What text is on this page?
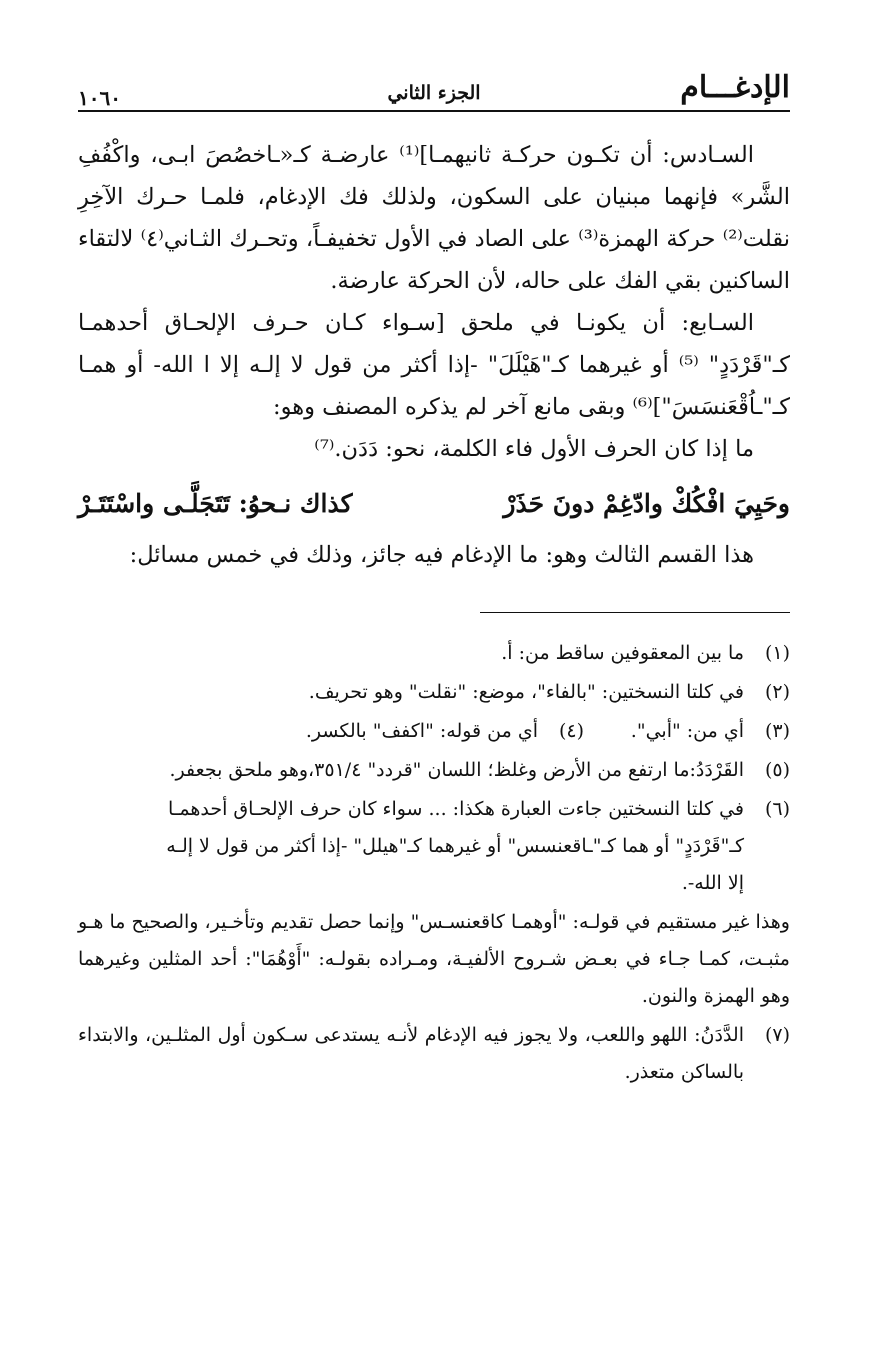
الإدغـــام
الجزء الثاني
١٠٦٠

السـادس: أن تكـون حركـة ثانيهمـا]⁽¹⁾ عارضـة كـ«ـاخصُصَ ابـى، واكْفُفِ الشَّر» فإنهما مبنيان على السكون، ولذلك فك الإدغام، فلمـا حـرك الآخِرِ نقلت⁽²⁾ حركة الهمزة⁽³⁾ على الصاد في الأول تخفيفـاً، وتحـرك الثـاني⁽٤⁾ لالتقاء الساكنين بقي الفك على حاله، لأن الحركة عارضة.

السـابع: أن يكونـا في ملحق [سـواء كـان حـرف الإلحـاق أحدهمـا كـ"قَرْدَدٍ" ⁽⁵⁾ أو غيرهما كـ"هَيْلَلَ" -إذا أكثر من قول لا إلـه إلا ا الله- أو همـا كـ"ـاُقْعَنسَسَ"]⁽⁶⁾ وبقى مانع آخر لم يذكره المصنف وهو:

ما إذا كان الحرف الأول فاء الكلمة، نحو: دَدَن.⁽⁷⁾

وحَيِيَ افْكُكْ وادّغِمْ دونَ حَذَرْ
كذاك نـحوُ: تَتَجَلَّـى واسْتَتَـرْ

هذا القسم الثالث وهو: ما الإدغام فيه جائز، وذلك في خمس مسائل:

(١)
ما بين المعقوفين ساقط من: أ.
(٢)
في كلتا النسختين: "بالفاء"، موضع: "نقلت" وهو تحريف.
(٣)
أي من: "أبي".
(٤)
أي من قوله: "اكفف" بالكسر.
(٥)
القَرْدَدُ:ما ارتفع من الأرض وغلظ؛ اللسان "قردد" ٣٥١/٤،وهو ملحق بجعفر.
(٦)
في كلتا النسختين جاءت العبارة هكذا: ... سواء كان حرف الإلحـاق أحدهمـا
كـ"قَرْدَدٍ" أو هما كـ"ـاقعنسس" أو غيرهما كـ"هيلل" -إذا أكثر من قول لا إلـه
إلا الله-.
وهذا غير مستقيم في قولـه: "أوهمـا كاقعنسـس" وإنما حصل تقديم وتأخـير، والصحيح ما هـو مثبـت، كمـا جـاء في بعـض شـروح الألفيـة، ومـراده بقولـه: "أَوْهُمَا": أحد المثلين وغيرهما وهو الهمزة والنون.
(٧)
الدَّدَنُ: اللهو واللعب، ولا يجوز فيه الإدغام لأنـه يستدعى سـكون أول المثلـين، والابتداء بالساكن متعذر.
